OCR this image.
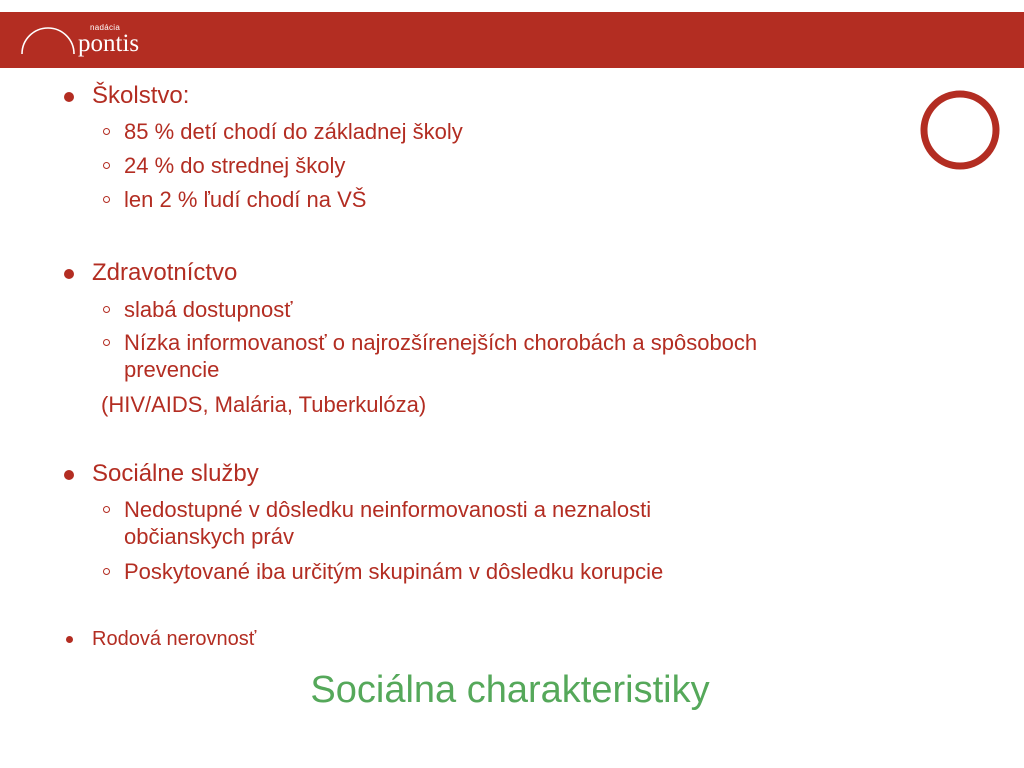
nadácia
pontis
Školstvo:
85 % detí chodí do základnej školy
24 % do strednej školy
len 2 % ľudí chodí na VŠ
Zdravotníctvo
slabá dostupnosť
Nízka informovanosť o najrozšírenejších chorobách a spôsoboch
prevencie
(HIV/AIDS, Malária, Tuberkulóza)
Sociálne služby
Nedostupné v dôsledku neinformovanosti a neznalosti
občianskych práv
Poskytované iba určitým skupinám v dôsledku korupcie
Rodová nerovnosť
Sociálna charakteristiky
